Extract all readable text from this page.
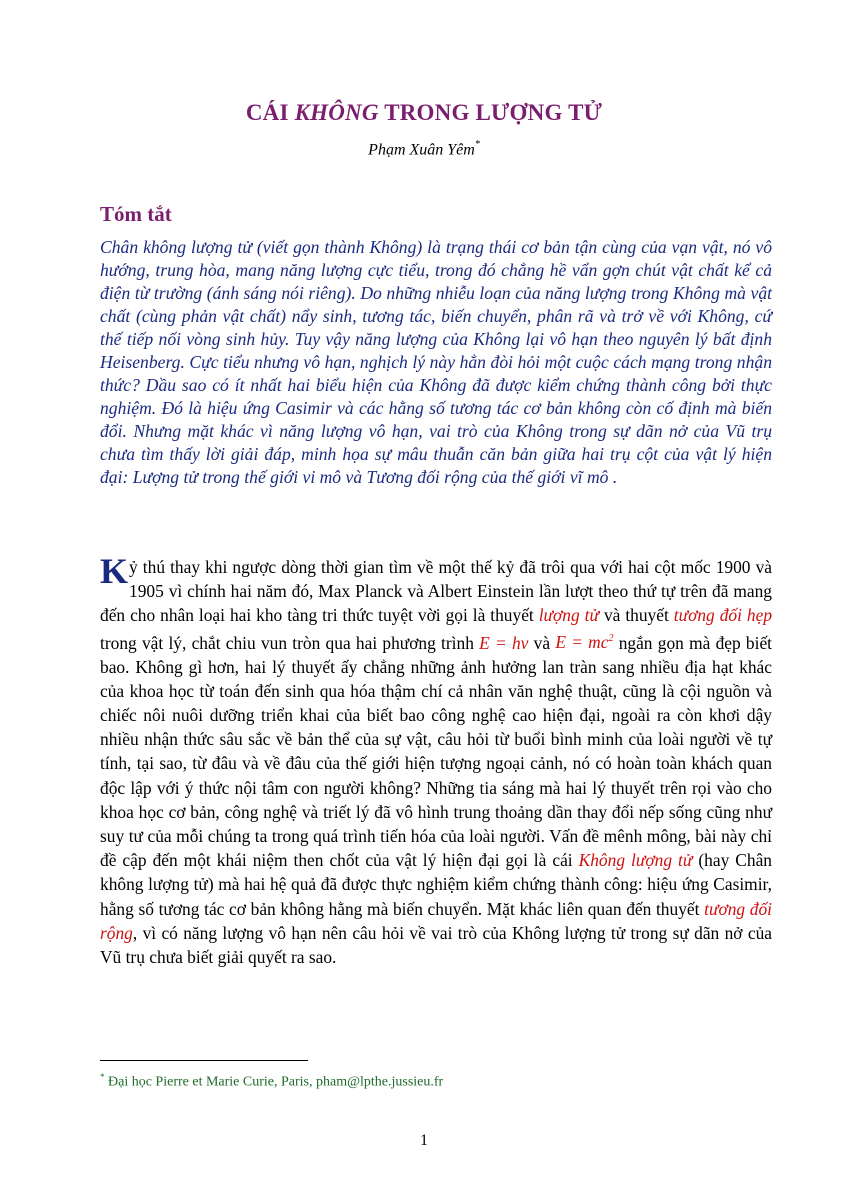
CÁI KHÔNG TRONG LƯỢNG TỬ
Phạm Xuân Yêm*
Tóm tắt
Chân không lượng tử (viết gọn thành Không) là trạng thái cơ bản tận cùng của vạn vật, nó vô hướng, trung hòa, mang năng lượng cực tiểu, trong đó chẳng hề vẩn gợn chút vật chất kể cả điện từ trường (ánh sáng nói riêng). Do những nhiễu loạn của năng lượng trong Không mà vật chất (cùng phản vật chất) nẩy sinh, tương tác, biến chuyển, phân rã và trở về với Không, cứ thế tiếp nối vòng sinh hủy. Tuy vậy năng lượng của Không lại vô hạn theo nguyên lý bất định Heisenberg. Cực tiểu nhưng vô hạn, nghịch lý này hẳn đòi hỏi một cuộc cách mạng trong nhận thức? Dầu sao có ít nhất hai biểu hiện của Không đã được kiểm chứng thành công bởi thực nghiệm. Đó là hiệu ứng Casimir và các hằng số tương tác cơ bản không còn cố định mà biến đổi. Nhưng mặt khác vì năng lượng vô hạn, vai trò của Không trong sự dãn nở của Vũ trụ chưa tìm thấy lời giải đáp, minh họa sự mâu thuẫn căn bản giữa hai trụ cột của vật lý hiện đại: Lượng tử trong thế giới vi mô và Tương đối rộng của thế giới vĩ mô .
Kỷ thú thay khi ngược dòng thời gian tìm về một thế kỷ đã trôi qua với hai cột mốc 1900 và 1905 vì chính hai năm đó, Max Planck và Albert Einstein lần lượt theo thứ tự trên đã mang đến cho nhân loại hai kho tàng tri thức tuyệt vời gọi là thuyết lượng tử và thuyết tương đối hẹp trong vật lý, chắt chiu vun tròn qua hai phương trình E = hν và $E = mc^2$ ngắn gọn mà đẹp biết bao. Không gì hơn, hai lý thuyết ấy chẳng những ảnh hưởng lan tràn sang nhiều địa hạt khác của khoa học từ toán đến sinh qua hóa thậm chí cả nhân văn nghệ thuật, cũng là cội nguồn và chiếc nôi nuôi dưỡng triển khai của biết bao công nghệ cao hiện đại, ngoài ra còn khơi dậy nhiều nhận thức sâu sắc về bản thể của sự vật, câu hỏi từ buổi bình minh của loài người về tự tính, tại sao, từ đâu và về đâu của thế giới hiện tượng ngoại cảnh, nó có hoàn toàn khách quan độc lập với ý thức nội tâm con người không? Những tia sáng mà hai lý thuyết trên rọi vào cho khoa học cơ bản, công nghệ và triết lý đã vô hình trung thoảng dần thay đổi nếp sống cũng như suy tư của mỗi chúng ta trong quá trình tiến hóa của loài người. Vấn đề mênh mông, bài này chỉ đề cập đến một khái niệm then chốt của vật lý hiện đại gọi là cái Không lượng tử (hay Chân không lượng tử) mà hai hệ quả đã được thực nghiệm kiểm chứng thành công: hiệu ứng Casimir, hằng số tương tác cơ bản không hằng mà biến chuyển. Mặt khác liên quan đến thuyết tương đối rộng, vì có năng lượng vô hạn nên câu hỏi về vai trò của Không lượng tử trong sự dãn nở của Vũ trụ chưa biết giải quyết ra sao.
* Đại học Pierre et Marie Curie, Paris, pham@lpthe.jussieu.fr
1
